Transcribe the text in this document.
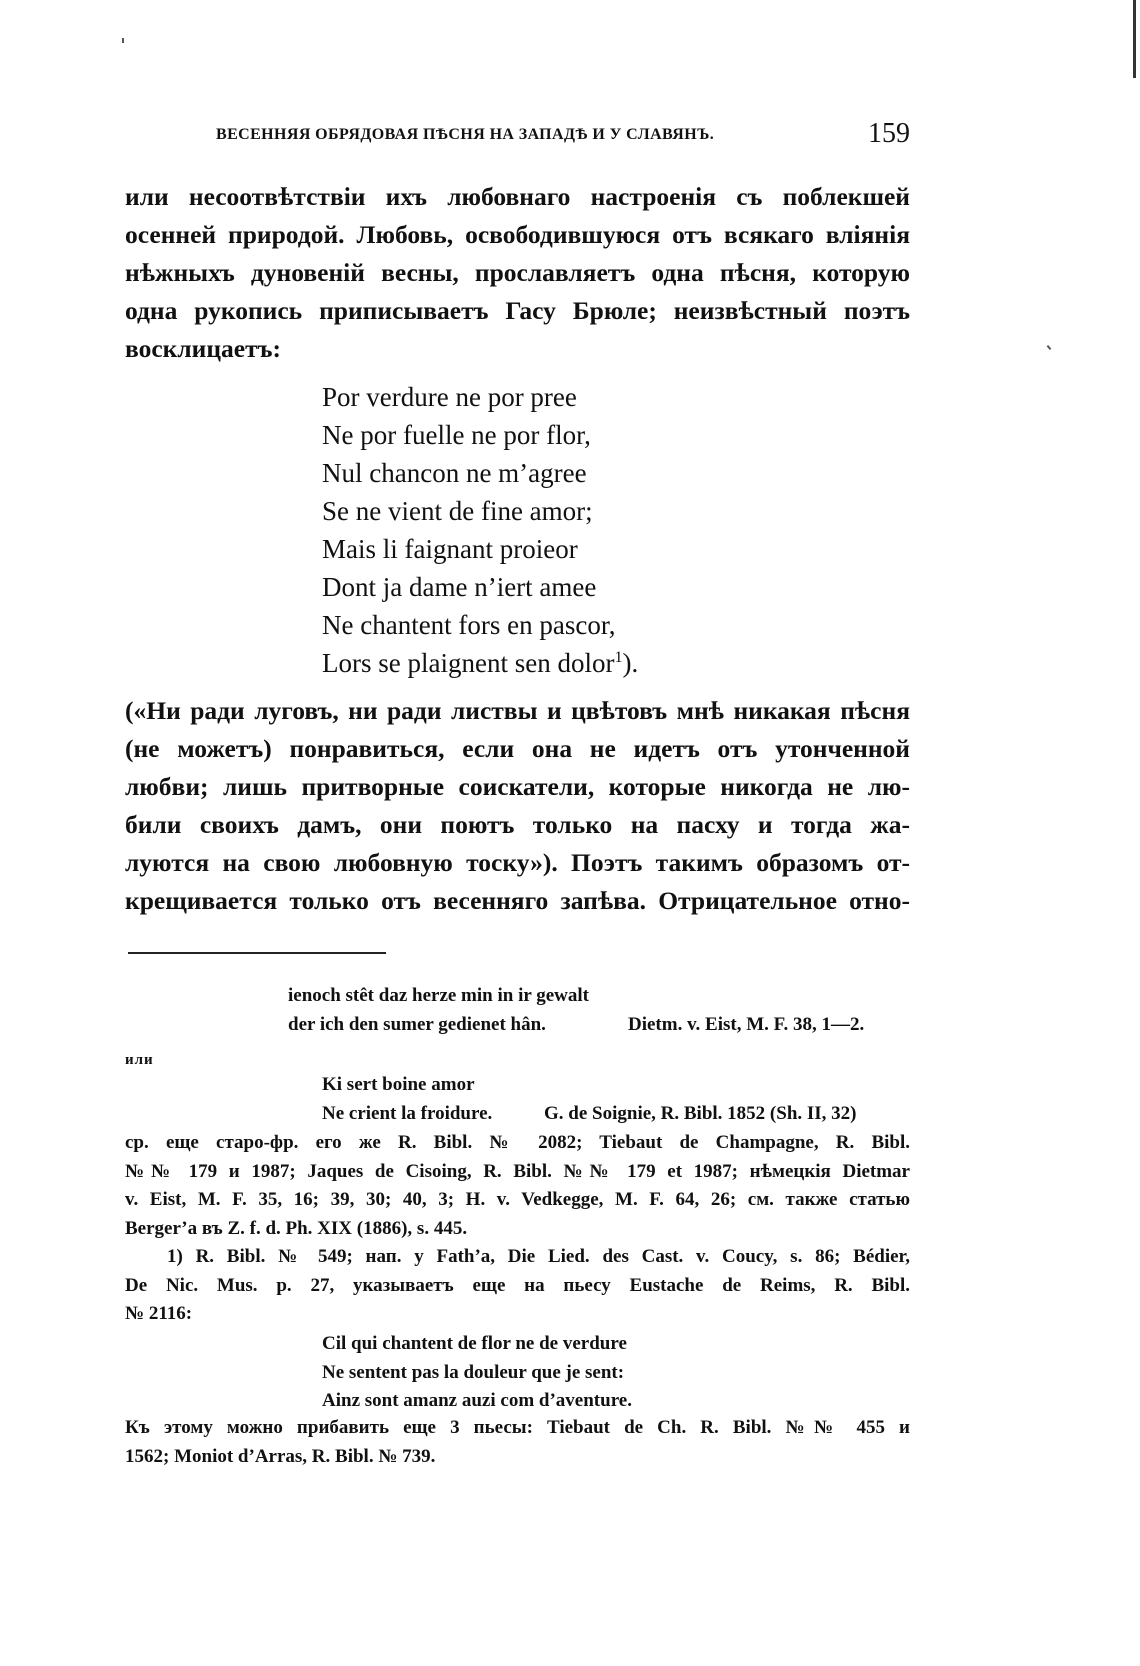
ВЕСЕННЯЯ ОБРЯДОВАЯ ПѢСНЯ НА ЗАПАДѢ И У СЛАВЯНЪ.	159
или несоотвѣтствіи ихъ любовнаго настроенія съ поблекшей
осенней природой. Любовь, освободившуюся отъ всякаго вліянія
нѣжныхъ дуновеній весны, прославляетъ одна пѣсня, которую
одна рукопись приписываетъ Гасу Брюле; неизвѣстный поэтъ
восклицаетъ:
Por verdure ne por pree
Ne por fuelle ne por flor,
Nul chancon ne m’agree
Se ne vient de fine amor;
Mais li faignant proieor
Dont ja dame n’iert amee
Ne chantent fors en pascor,
Lors se plaignent sen dolor$^1$).
(«Ни ради луговъ, ни ради листвы и цвѣтовъ мнѣ никакая пѣсня
(не можетъ) понравиться, если она не идетъ отъ утонченной
любви; лишь притворные соискатели, которые никогда не лю-
били своихъ дамъ, они поютъ только на пасху и тогда жа-
луются на свою любовную тоску»). Поэтъ такимъ образомъ от-
крещивается только отъ весенняго запѣва. Отрицательное отно-
ienoch stêt daz herze min in ir gewalt
der ich den sumer gedienet hân.	Dietm. v. Eist, M. F. 38, 1—2.
или
Ki sert boine amor
Ne crient la froidure.	G. de Soignie, R. Bibl. 1852 (Sh. II, 32)
ср. еще старо-фр. его же R. Bibl. № 2082; Tiebaut de Champagne, R. Bibl.
№№ 179 и 1987; Jaques de Cisoing, R. Bibl. №№ 179 et 1987; нѣмецкія Dietmar
v. Eist, M. F. 35, 16; 39, 30; 40, 3; H. v. Vedkegge, M. F. 64, 26; см. также статью
Berger’a въ Z. f. d. Ph. XIX (1886), s. 445.
1) R. Bibl. № 549; нап. у Fath’a, Die Lied. des Cast. v. Coucy, s. 86; Bédier,
De Nic. Mus. p. 27, указываетъ еще на пьесу Eustache de Reims, R. Bibl.
№ 2116:
Cil qui chantent de flor ne de verdure
Ne sentent pas la douleur que je sent:
Ainz sont amanz auzi com d’aventure.
Къ этому можно прибавить еще 3 пьесы: Tiebaut de Ch. R. Bibl. №№ 455 и
1562; Moniot d’Arras, R. Bibl. № 739.
